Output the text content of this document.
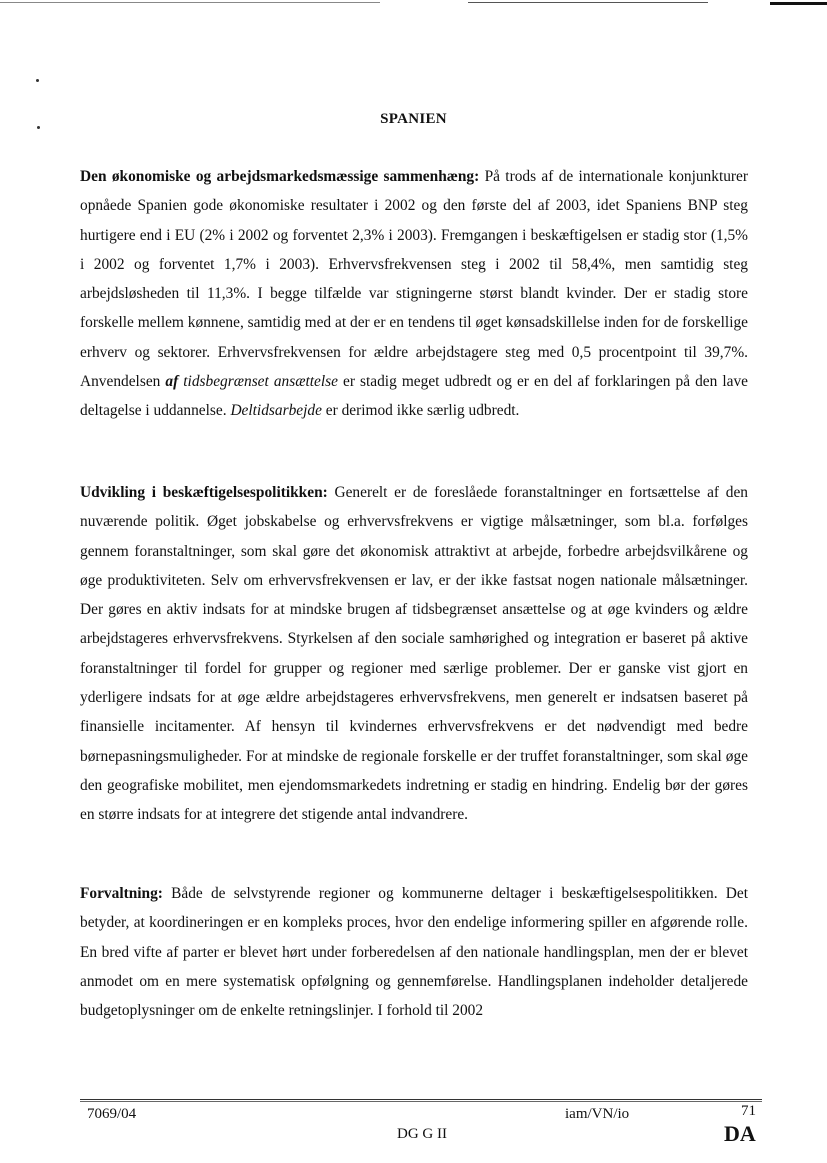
SPANIEN
Den økonomiske og arbejdsmarkedsmæssige sammenhæng: På trods af de internationale konjunkturer opnåede Spanien gode økonomiske resultater i 2002 og den første del af 2003, idet Spaniens BNP steg hurtigere end i EU (2% i 2002 og forventet 2,3% i 2003). Fremgangen i beskæftigelsen er stadig stor (1,5% i 2002 og forventet 1,7% i 2003). Erhvervsfrekvensen steg i 2002 til 58,4%, men samtidig steg arbejdsløsheden til 11,3%. I begge tilfælde var stigningerne størst blandt kvinder. Der er stadig store forskelle mellem kønnene, samtidig med at der er en tendens til øget kønsadskillelse inden for de forskellige erhverv og sektorer. Erhvervsfrekvensen for ældre arbejdstagere steg med 0,5 procentpoint til 39,7%. Anvendelsen af tidsbegrænset ansættelse er stadig meget udbredt og er en del af forklaringen på den lave deltagelse i uddannelse. Deltidsarbejde er derimod ikke særlig udbredt.
Udvikling i beskæftigelsespolitikken: Generelt er de foreslåede foranstaltninger en fortsættelse af den nuværende politik. Øget jobskabelse og erhvervsfrekvens er vigtige målsætninger, som bl.a. forfølges gennem foranstaltninger, som skal gøre det økonomisk attraktivt at arbejde, forbedre arbejdsvilkårene og øge produktiviteten. Selv om erhvervsfrekvensen er lav, er der ikke fastsat nogen nationale målsætninger. Der gøres en aktiv indsats for at mindske brugen af tidsbegrænset ansættelse og at øge kvinders og ældre arbejdstageres erhvervsfrekvens. Styrkelsen af den sociale samhørighed og integration er baseret på aktive foranstaltninger til fordel for grupper og regioner med særlige problemer. Der er ganske vist gjort en yderligere indsats for at øge ældre arbejdstageres erhvervsfrekvens, men generelt er indsatsen baseret på finansielle incitamenter. Af hensyn til kvindernes erhvervsfrekvens er det nødvendigt med bedre børnepasningsmuligheder. For at mindske de regionale forskelle er der truffet foranstaltninger, som skal øge den geografiske mobilitet, men ejendomsmarkedets indretning er stadig en hindring. Endelig bør der gøres en større indsats for at integrere det stigende antal indvandrere.
Forvaltning: Både de selvstyrende regioner og kommunerne deltager i beskæftigelsespolitikken. Det betyder, at koordineringen er en kompleks proces, hvor den endelige informering spiller en afgørende rolle. En bred vifte af parter er blevet hørt under forberedelsen af den nationale handlingsplan, men der er blevet anmodet om en mere systematisk opfølgning og gennemførelse. Handlingsplanen indeholder detaljerede budgetoplysninger om de enkelte retningslinjer. I forhold til 2002
7069/04
DG G II
iam/VN/io	71
DA
